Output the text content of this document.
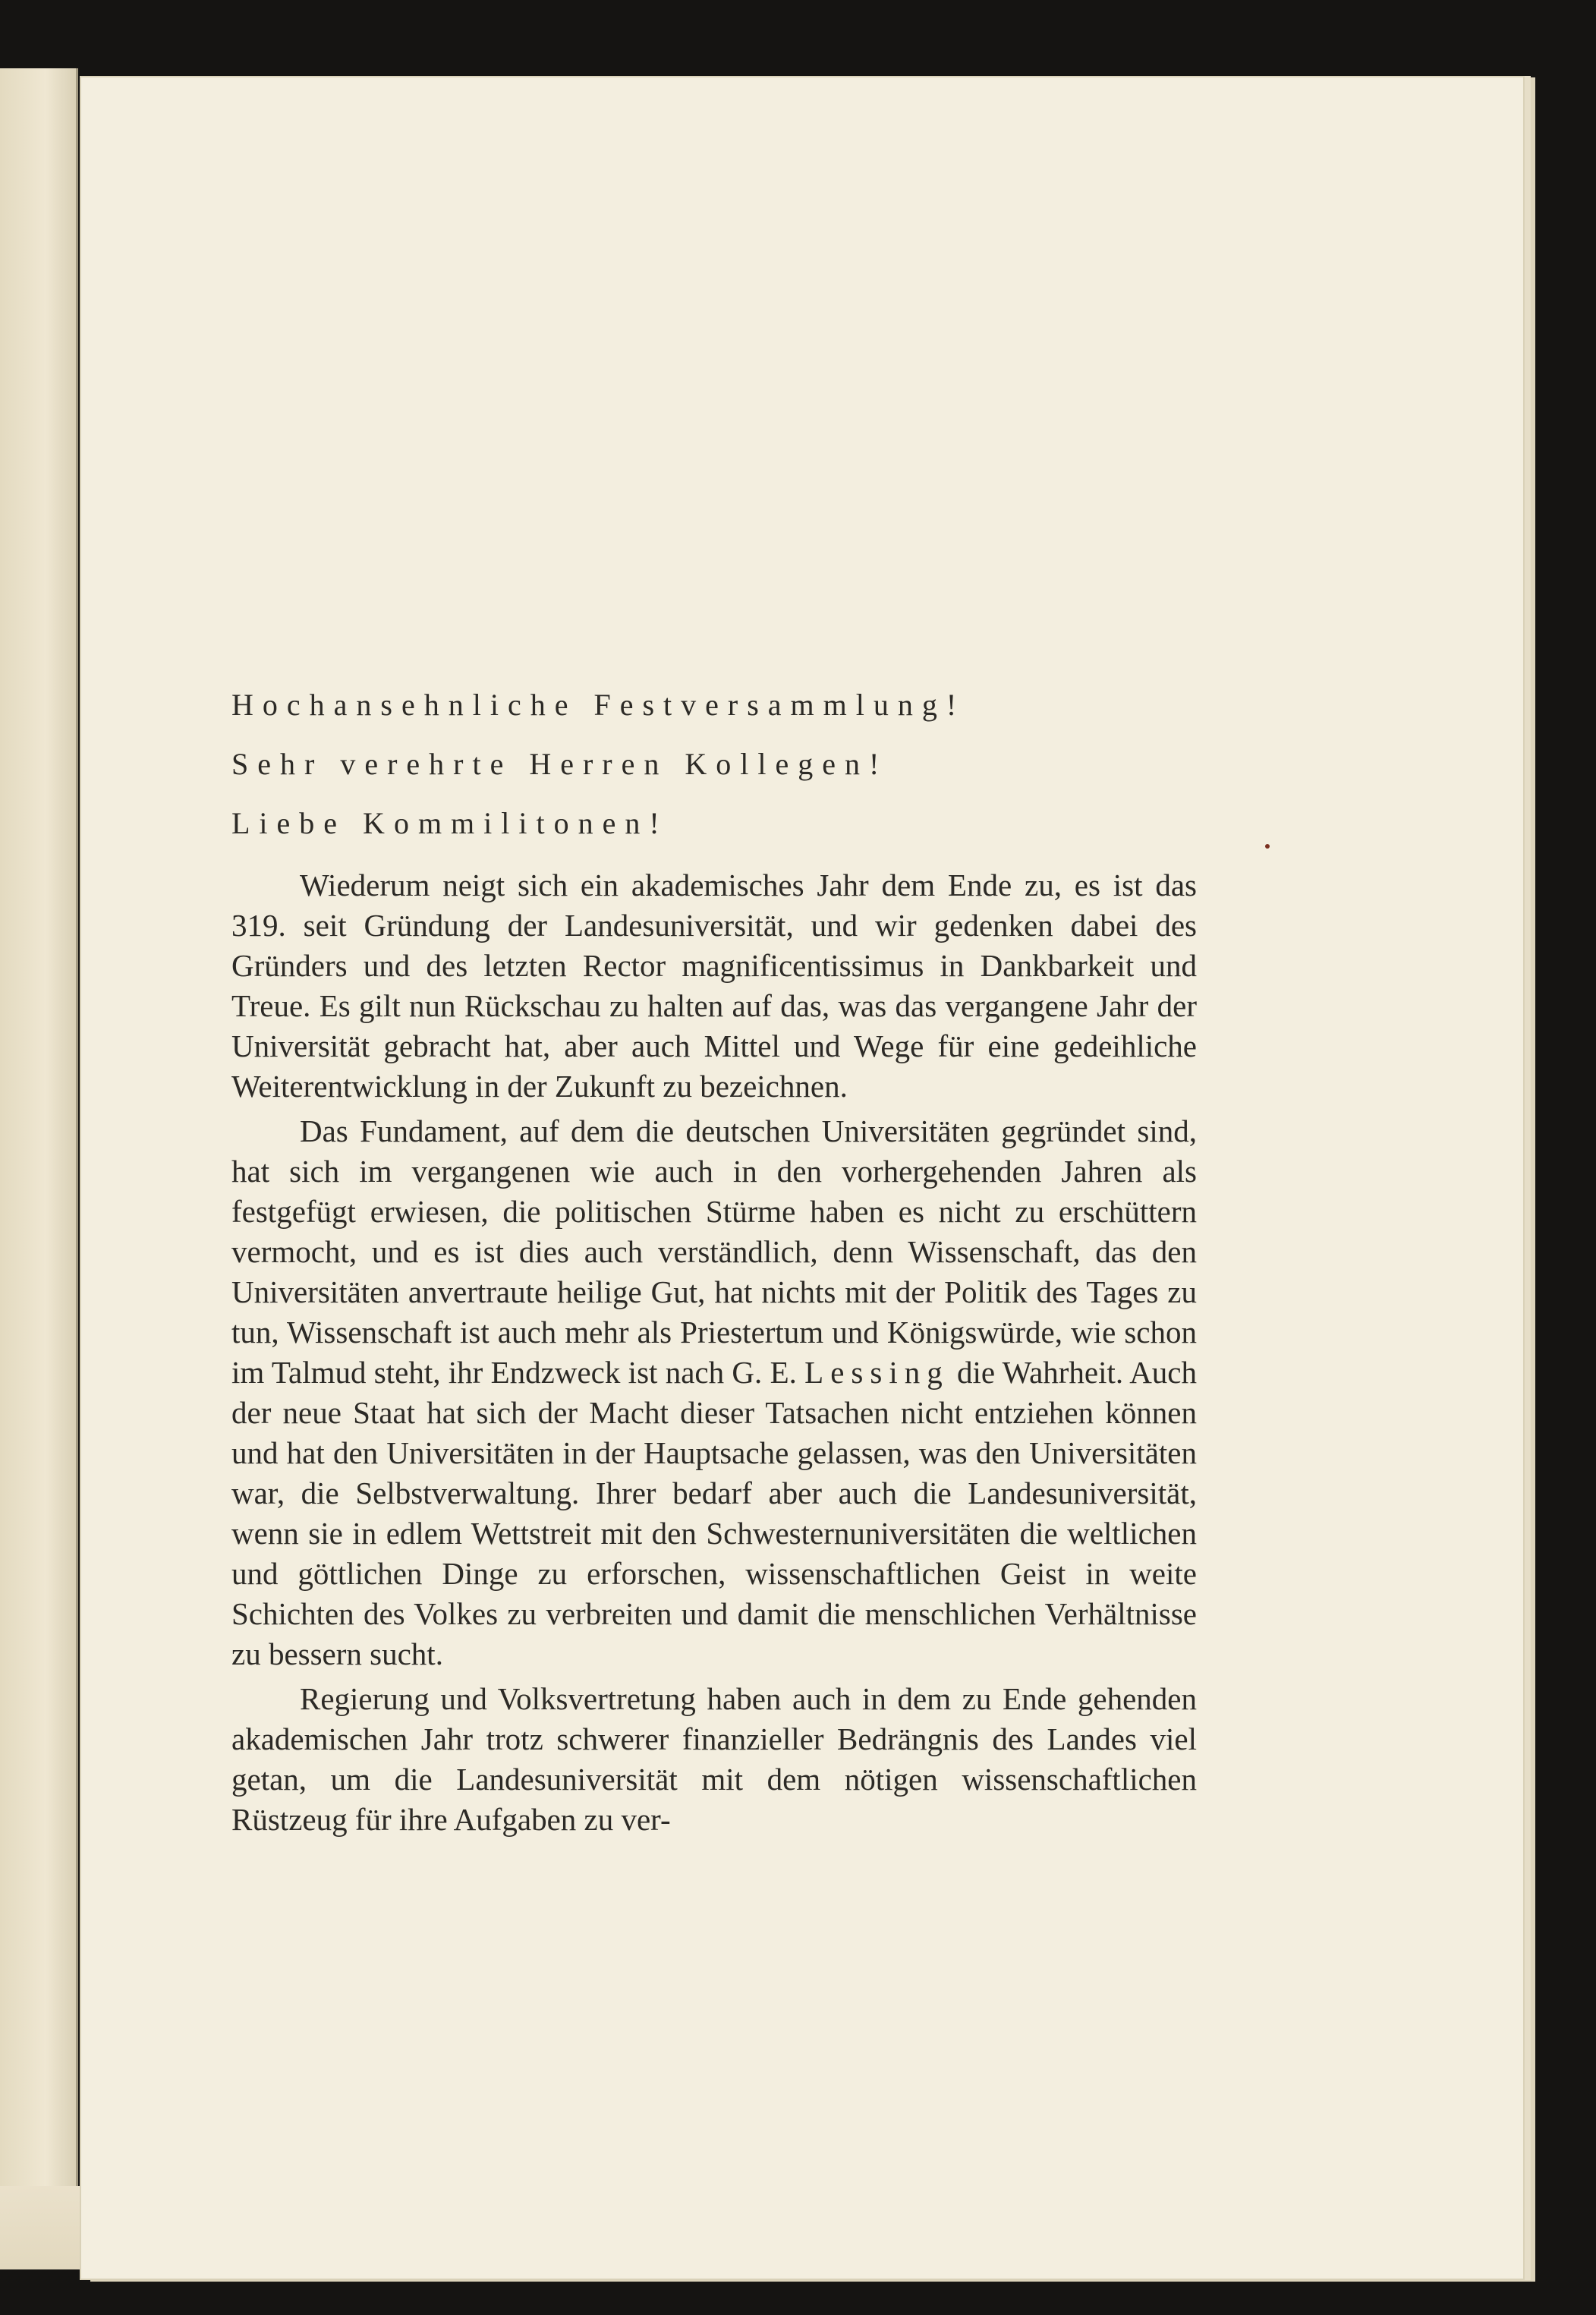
Hochansehnliche Festversammlung!
Sehr verehrte Herren Kollegen!
Liebe Kommilitonen!

Wiederum neigt sich ein akademisches Jahr dem Ende zu, es ist das 319. seit Gründung der Landesuniversität, und wir gedenken dabei des Gründers und des letzten Rector magnificentissimus in Dankbarkeit und Treue. Es gilt nun Rückschau zu halten auf das, was das vergangene Jahr der Universität gebracht hat, aber auch Mittel und Wege für eine gedeihliche Weiterentwicklung in der Zukunft zu bezeichnen.

Das Fundament, auf dem die deutschen Universitäten gegründet sind, hat sich im vergangenen wie auch in den vorhergehenden Jahren als festgefügt erwiesen, die politischen Stürme haben es nicht zu erschüttern vermocht, und es ist dies auch verständlich, denn Wissenschaft, das den Universitäten anvertraute heilige Gut, hat nichts mit der Politik des Tages zu tun, Wissenschaft ist auch mehr als Priestertum und Königswürde, wie schon im Talmud steht, ihr Endzweck ist nach G. E. Lessing die Wahrheit. Auch der neue Staat hat sich der Macht dieser Tatsachen nicht entziehen können und hat den Universitäten in der Hauptsache gelassen, was den Universitäten war, die Selbstverwaltung. Ihrer bedarf aber auch die Landesuniversität, wenn sie in edlem Wettstreit mit den Schwesternuniversitäten die weltlichen und göttlichen Dinge zu erforschen, wissenschaftlichen Geist in weite Schichten des Volkes zu verbreiten und damit die menschlichen Verhältnisse zu bessern sucht.

Regierung und Volksvertretung haben auch in dem zu Ende gehenden akademischen Jahr trotz schwerer finanzieller Bedrängnis des Landes viel getan, um die Landesuniversität mit dem nötigen wissenschaftlichen Rüstzeug für ihre Aufgaben zu ver-
